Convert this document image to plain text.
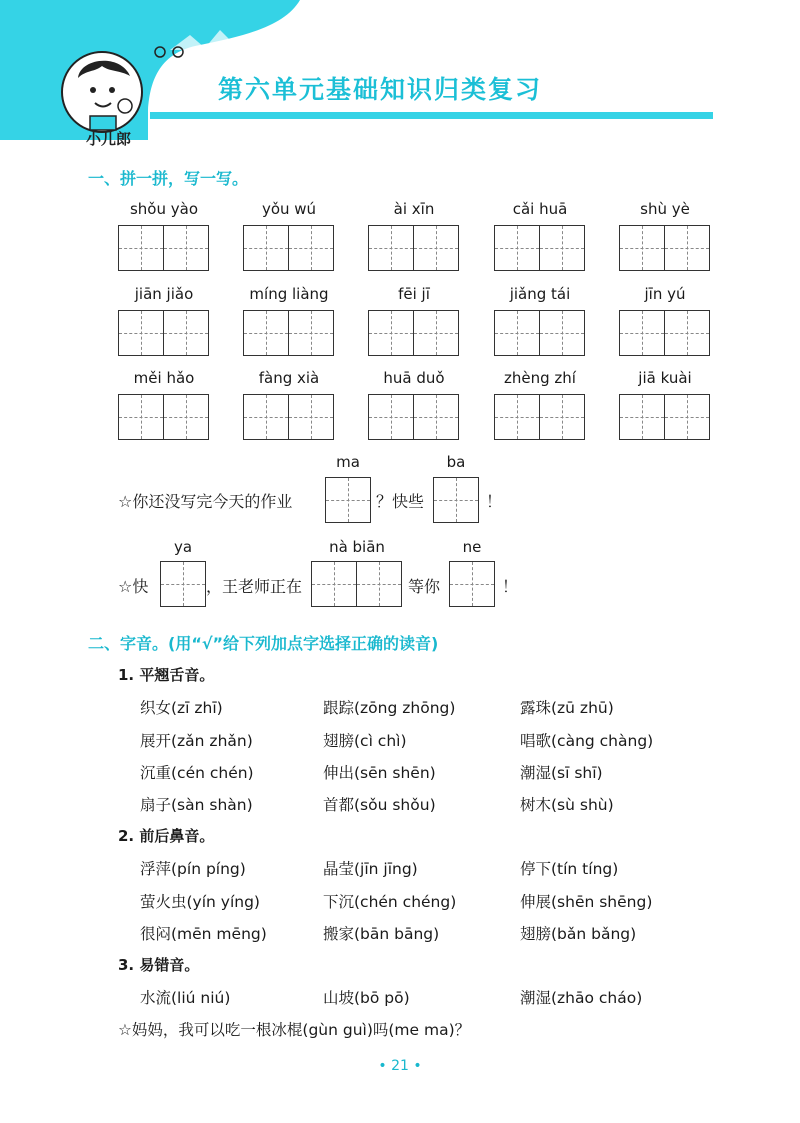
第六单元基础知识归类复习
小儿郎
一、拼一拼，写一写。
shǒu yào	yǒu wú	ài xīn	cǎi huā	shù yè
jiān jiǎo	míng liàng	fēi jī	jiǎng tái	jīn yú
měi hǎo	fàng xià	huā duǒ	zhèng zhí	jiā kuài
ma	ba
☆你还没写完今天的作业	？快些	！
ya	nà biān	ne
☆快	，王老师正在	等你	！
二、字音。(用“√”给下列加点字选择正确的读音)
1. 平翘舌音。
织女(zī zhī)	跟踪(zōng zhōng)	露珠(zū zhū)
展开(zǎn zhǎn)	翅膀(cì chì)	唱歌(càng chàng)
沉重(cén chén)	伸出(sēn shēn)	潮湿(sī shī)
扇子(sàn shàn)	首都(sǒu shǒu)	树木(sù shù)
2. 前后鼻音。
浮萍(pín píng)	晶莹(jīn jīng)	停下(tín tíng)
萤火虫(yín yíng)	下沉(chén chéng)	伸展(shēn shēng)
很闷(mēn mēng)	搬家(bān bāng)	翅膀(bǎn bǎng)
3. 易错音。
水流(liú niú)	山坡(bō pō)	潮湿(zhāo cháo)
☆妈妈，我可以吃一根冰棍(gùn guì)吗(me ma)？
• 21 •
